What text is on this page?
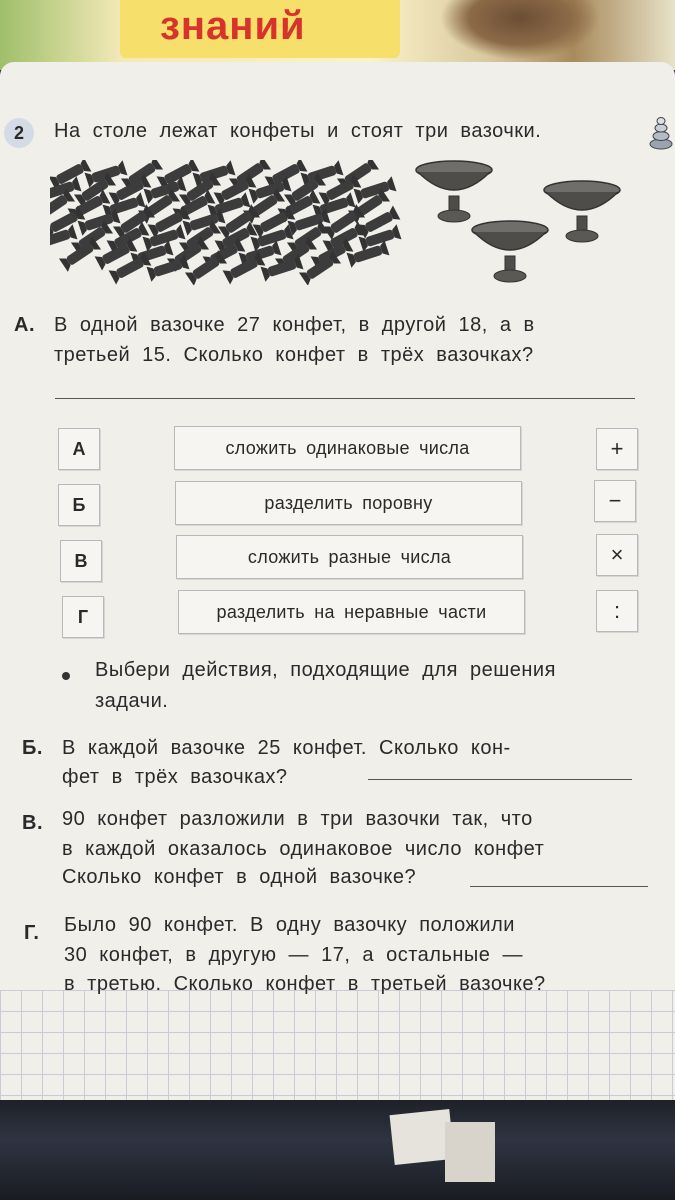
знаний
2	На столе лежат конфеты и стоят три вазочки.
А. В одной вазочке 27 конфет, в другой 18, а в
третьей 15. Сколько конфет в трёх вазочках?
А	сложить одинаковые числа	+
Б	разделить поровну	−
В	сложить разные числа	×
Г	разделить на неравные части	:
Выбери действия, подходящие для решения
задачи.
Б. В каждой вазочке 25 конфет. Сколько кон-
фет в трёх вазочках?
В. 90 конфет разложили в три вазочки так, что
в каждой оказалось одинаковое число конфет
Сколько конфет в одной вазочке?
Г. Было 90 конфет. В одну вазочку положили
30 конфет, в другую — 17, а остальные —
в третью. Сколько конфет в третьей вазочке?
